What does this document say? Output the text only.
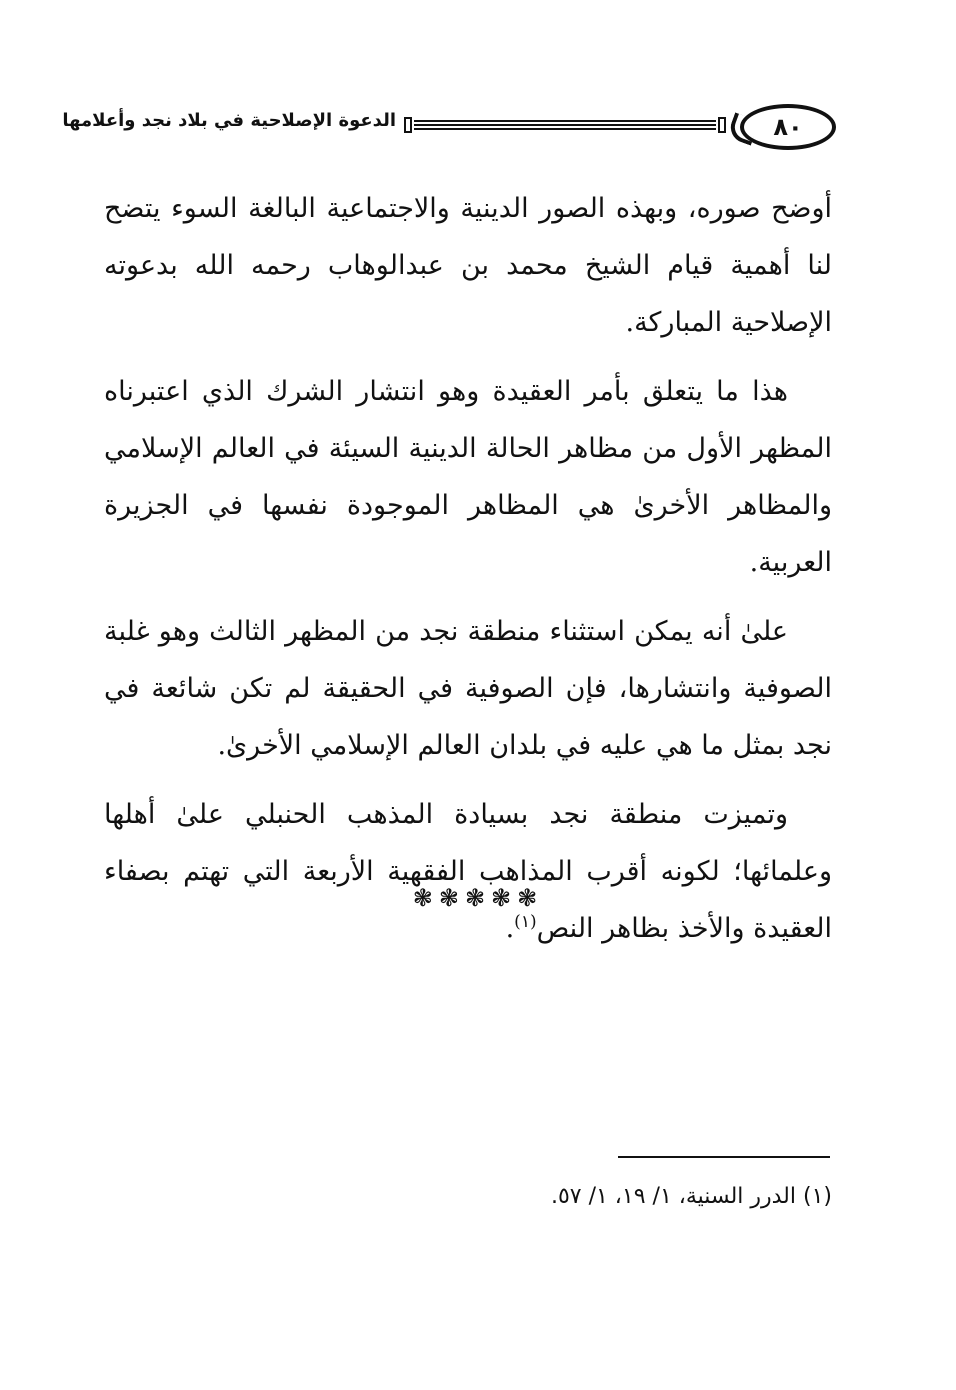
٨٠
الدعوة الإصلاحية في بلاد نجد وأعلامها

أوضح صوره، وبهذه الصور الدينية والاجتماعية البالغة السوء يتضح لنا أهمية قيام الشيخ محمد بن عبدالوهاب رحمه الله بدعوته الإصلاحية المباركة.

هذا ما يتعلق بأمر العقيدة وهو انتشار الشرك الذي اعتبرناه المظهر الأول من مظاهر الحالة الدينية السيئة في العالم الإسلامي والمظاهر الأخرىٰ هي المظاهر الموجودة نفسها في الجزيرة العربية.

علىٰ أنه يمكن استثناء منطقة نجد من المظهر الثالث وهو غلبة الصوفية وانتشارها، فإن الصوفية في الحقيقة لم تكن شائعة في نجد بمثل ما هي عليه في بلدان العالم الإسلامي الأخرىٰ.

وتميزت منطقة نجد بسيادة المذهب الحنبلي علىٰ أهلها وعلمائها؛ لكونه أقرب المذاهب الفقهية الأربعة التي تهتم بصفاء العقيدة والأخذ بظاهر النص$^{(١)}$.

❃❃❃❃❃
(١) الدرر السنية، ١/ ١٩، ١/ ٥٧.
